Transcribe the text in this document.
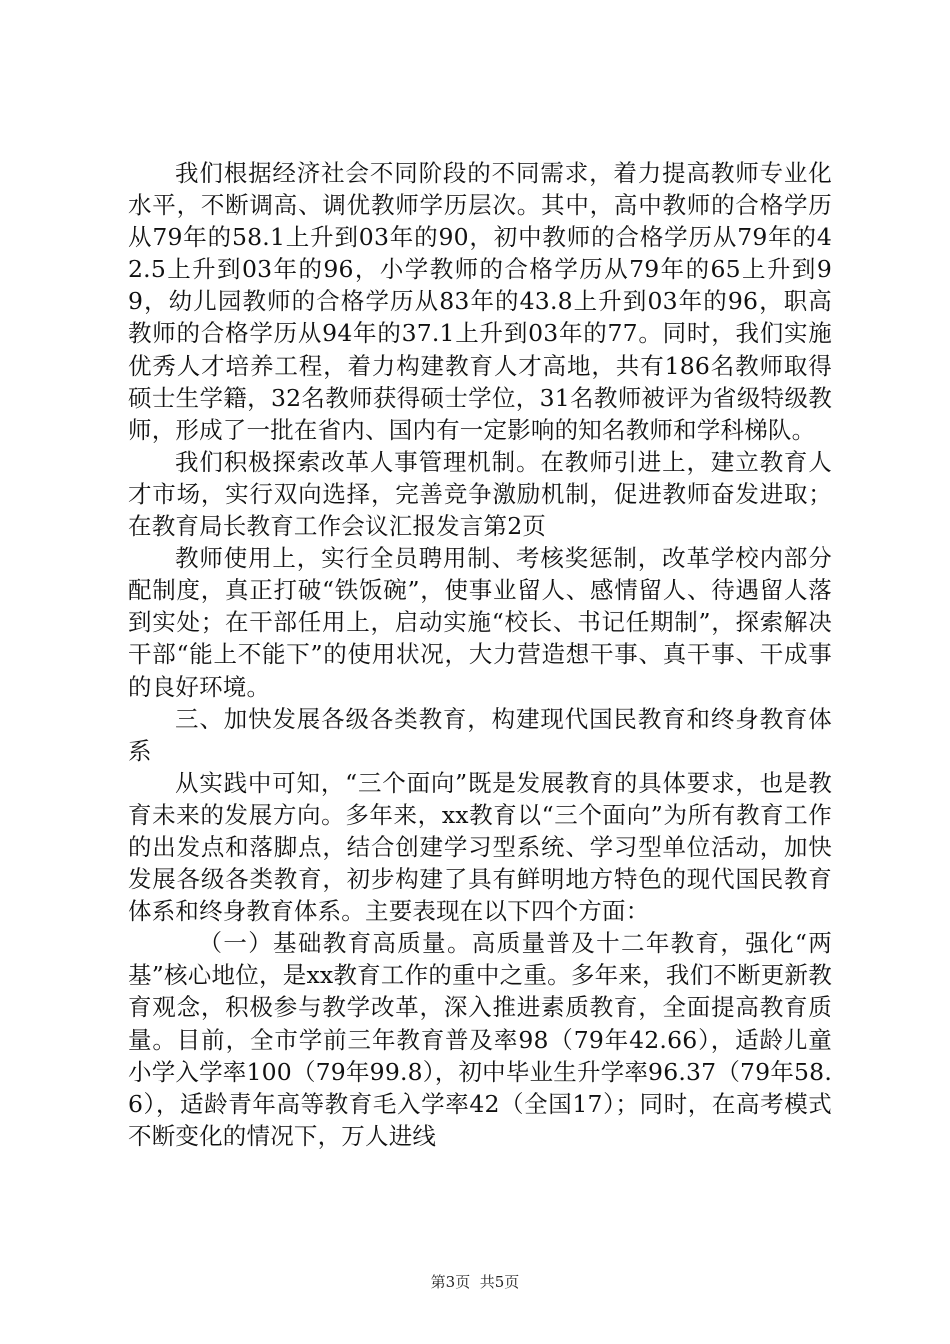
我们根据经济社会不同阶段的不同需求，着力提高教师专业化水平，不断调高、调优教师学历层次。其中，高中教师的合格学历从79年的58.1上升到03年的90，初中教师的合格学历从79年的42.5上升到03年的96，小学教师的合格学历从79年的65上升到99，幼儿园教师的合格学历从83年的43.8上升到03年的96，职高教师的合格学历从94年的37.1上升到03年的77。同时，我们实施优秀人才培养工程，着力构建教育人才高地，共有186名教师取得硕士生学籍，32名教师获得硕士学位，31名教师被评为省级特级教师，形成了一批在省内、国内有一定影响的知名教师和学科梯队。

我们积极探索改革人事管理机制。在教师引进上，建立教育人才市场，实行双向选择，完善竞争激励机制，促进教师奋发进取；在教育局长教育工作会议汇报发言第2页

教师使用上，实行全员聘用制、考核奖惩制，改革学校内部分配制度，真正打破“铁饭碗”，使事业留人、感情留人、待遇留人落到实处；在干部任用上，启动实施“校长、书记任期制”，探索解决干部“能上不能下”的使用状况，大力营造想干事、真干事、干成事的良好环境。

三、加快发展各级各类教育，构建现代国民教育和终身教育体系

从实践中可知，“三个面向”既是发展教育的具体要求，也是教育未来的发展方向。多年来，xx教育以“三个面向”为所有教育工作的出发点和落脚点，结合创建学习型系统、学习型单位活动，加快发展各级各类教育，初步构建了具有鲜明地方特色的现代国民教育体系和终身教育体系。主要表现在以下四个方面：

（一）基础教育高质量。高质量普及十二年教育，强化“两基”核心地位，是xx教育工作的重中之重。多年来，我们不断更新教育观念，积极参与教学改革，深入推进素质教育，全面提高教育质量。目前，全市学前三年教育普及率98（79年42.66），适龄儿童小学入学率100（79年99.8），初中毕业生升学率96.37（79年58.6），适龄青年高等教育毛入学率42（全国17）；同时，在高考模式不断变化的情况下，万人进线

第3页 共5页
